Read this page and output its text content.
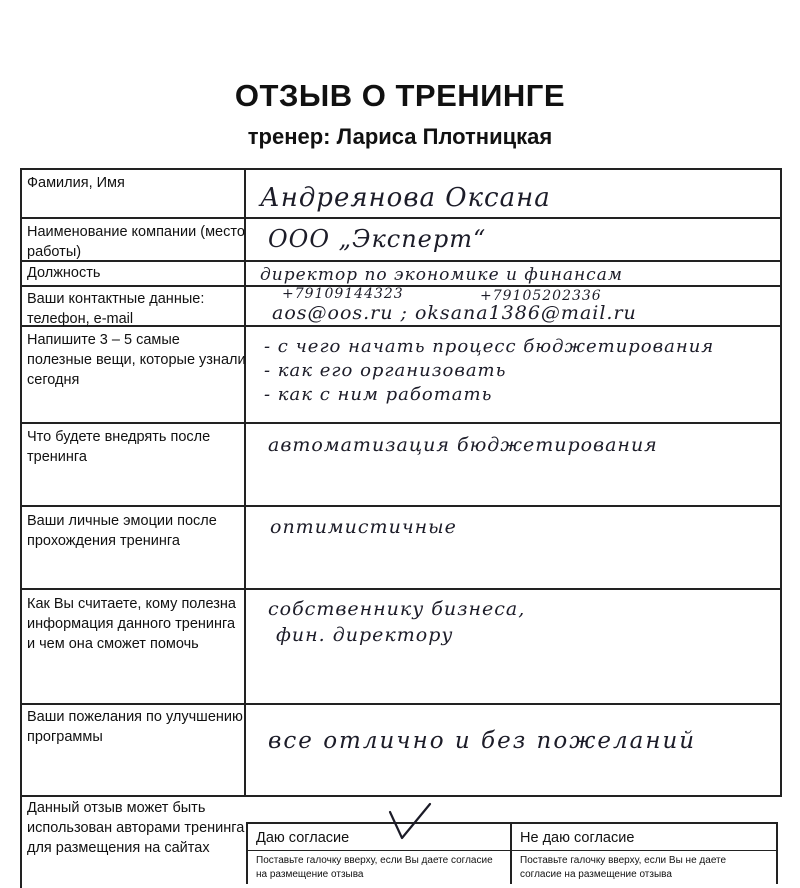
ОТЗЫВ О ТРЕНИНГЕ
тренер: Лариса Плотницкая
Фамилия, Имя
Наименование компании (место работы)
Должность
Ваши контактные данные: телефон, e-mail
Напишите 3 – 5 самые полезные вещи, которые узнали сегодня
Что будете внедрять после тренинга
Ваши личные эмоции после прохождения тренинга
Как Вы считаете, кому полезна информация данного тренинга и чем она сможет помочь
Ваши пожелания по улучшению программы
Данный отзыв может быть использован авторами тренинга для размещения на сайтах
Андреянова Оксана
ООО „Эксперт“
директор по экономике и финансам
+79109144323	+79105202336
aos@oos.ru ; oksana1386@mail.ru
- с чего начать процесс бюджетирования
- как его организовать
- как с ним работать
автоматизация бюджетирования
оптимистичные
собственнику бизнеса,
фин. директору
все отлично и без пожеланий
Даю согласие
Поставьте галочку вверху, если Вы даете согласие на размещение отзыва
Не даю согласие
Поставьте галочку вверху, если Вы не даете согласие на размещение отзыва
